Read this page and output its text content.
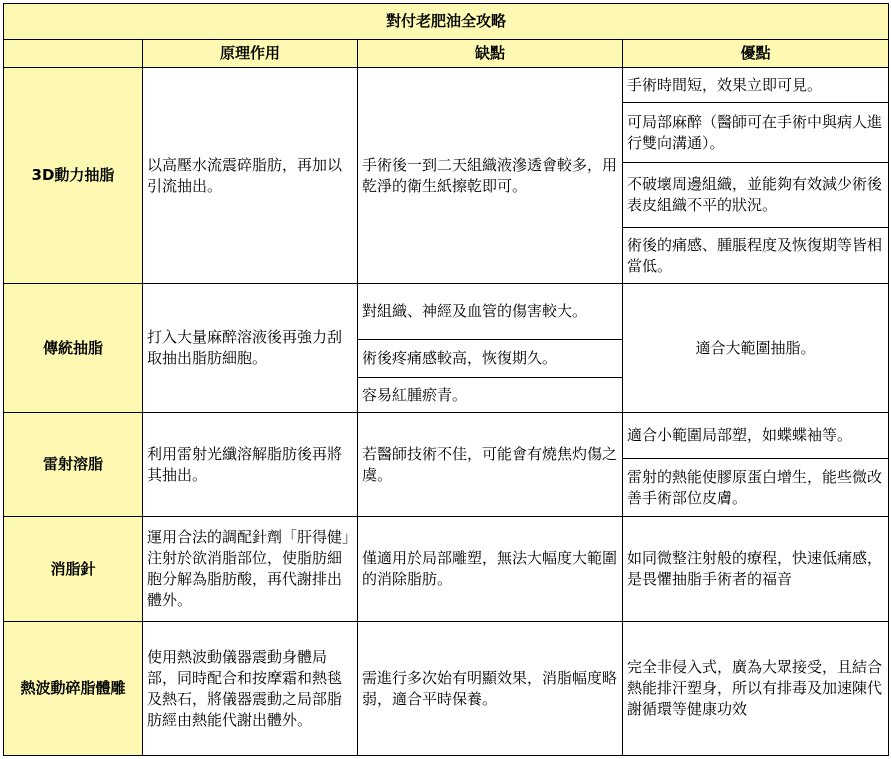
對付老肥油全攻略			
	原理作用	缺點	優點
3D動力抽脂	以高壓水流震碎脂肪，再加以引流抽出。	手術後一到二天組織液滲透會較多，用乾淨的衛生紙擦乾即可。	手術時間短，效果立即可見。
			可局部麻醉（醫師可在手術中與病人進行雙向溝通）。
			不破壞周邊組織，並能夠有效減少術後表皮組織不平的狀況。
			術後的痛感、腫脹程度及恢復期等皆相當低。
傳統抽脂	打入大量麻醉溶液後再強力刮取抽出脂肪細胞。	對組織、神經及血管的傷害較大。	適合大範圍抽脂。
		術後疼痛感較高，恢復期久。	
		容易紅腫瘀青。	
雷射溶脂	利用雷射光纖溶解脂肪後再將其抽出。	若醫師技術不佳，可能會有燒焦灼傷之虞。	適合小範圍局部塑，如蝶蝶袖等。
			雷射的熱能使膠原蛋白增生，能些微改善手術部位皮膚。
消脂針	運用合法的調配針劑「肝得健」注射於欲消脂部位，使脂肪細胞分解為脂肪酸，再代謝排出體外。	僅適用於局部雕塑，無法大幅度大範圍的消除脂肪。	如同微整注射般的療程，快速低痛感，是畏懼抽脂手術者的福音
熱波動碎脂體雕	使用熱波動儀器震動身體局部，同時配合和按摩霜和熱毯及熱石，將儀器震動之局部脂肪經由熱能代謝出體外。	需進行多次始有明顯效果，消脂幅度略弱，適合平時保養。	完全非侵入式，廣為大眾接受，且結合熱能排汗塑身，所以有排毒及加速陳代謝循環等健康功效
